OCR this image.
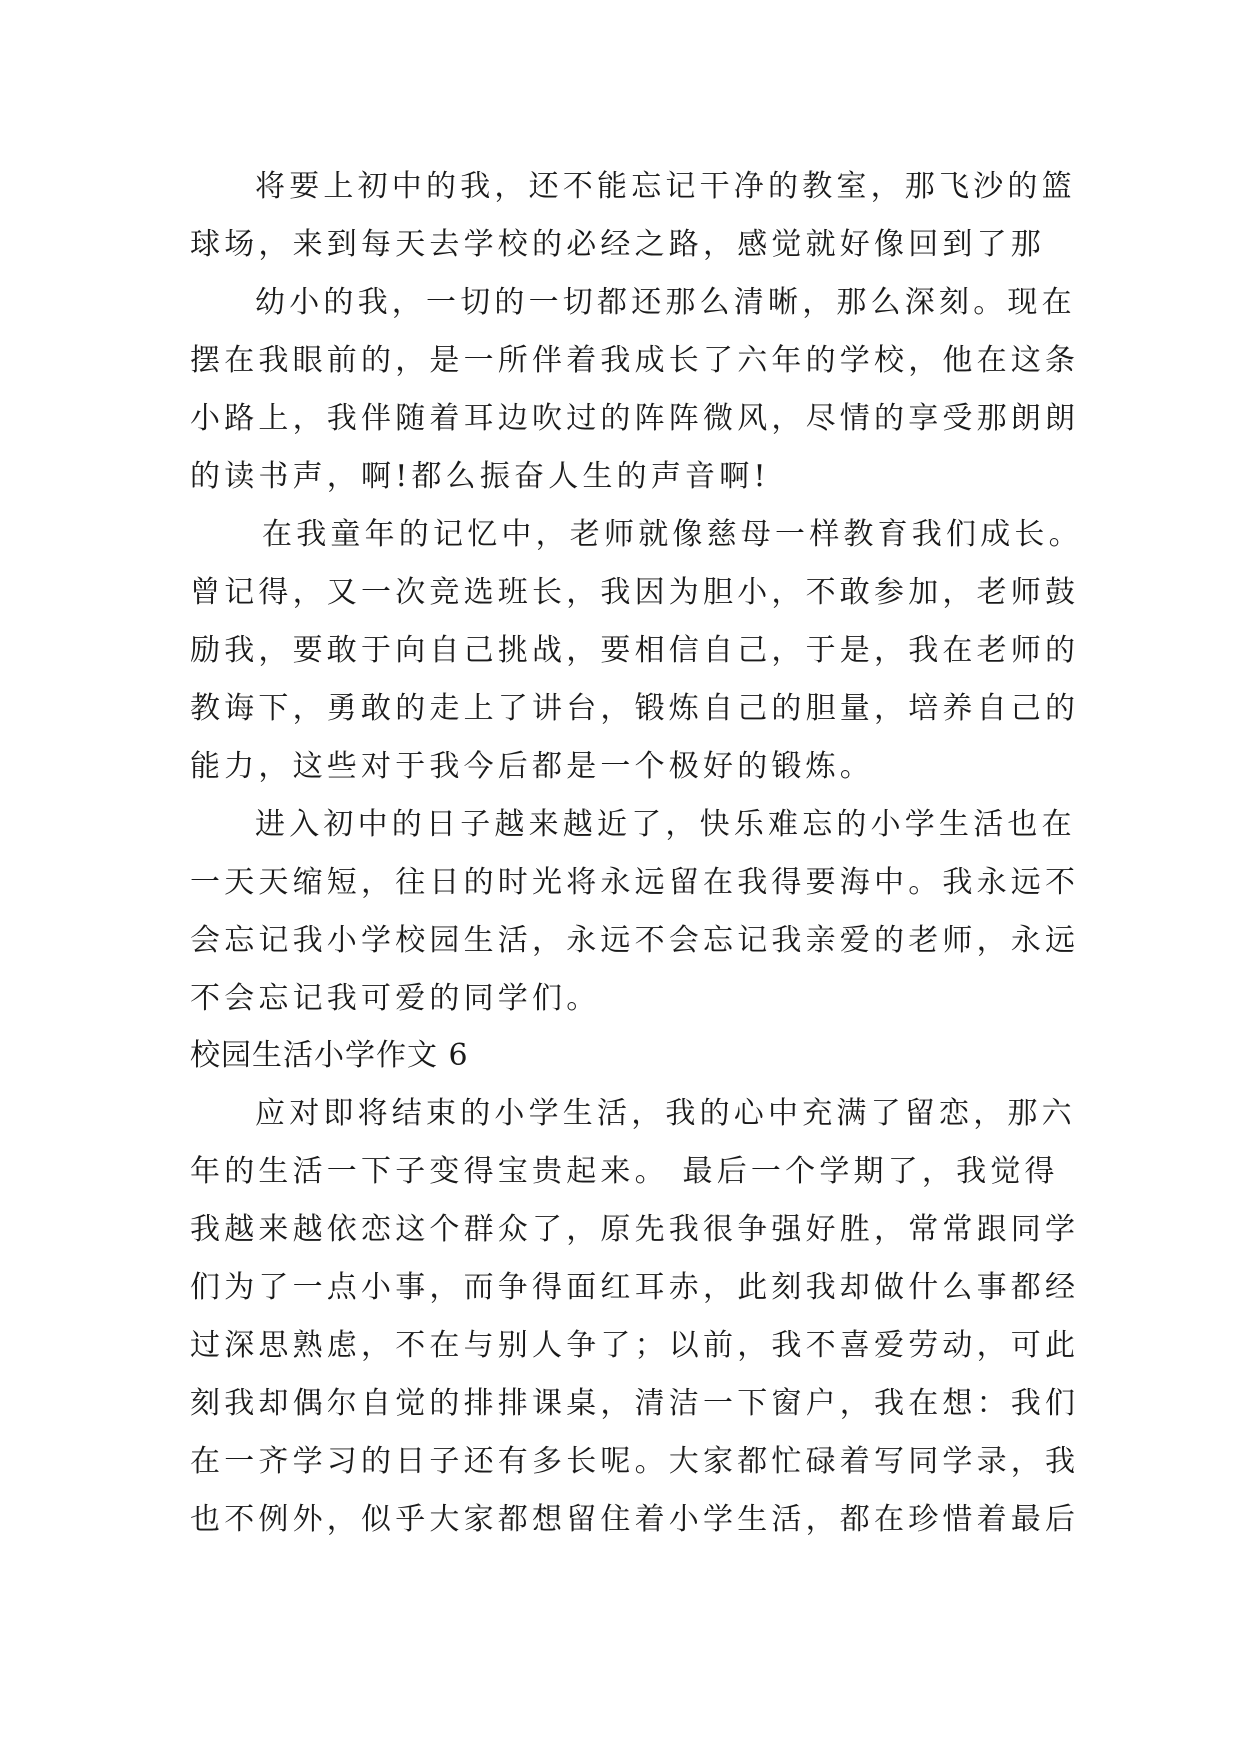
将要上初中的我，还不能忘记干净的教室，那飞沙的篮
球场，来到每天去学校的必经之路，感觉就好像回到了那
幼小的我，一切的一切都还那么清晰，那么深刻。现在
摆在我眼前的，是一所伴着我成长了六年的学校，他在这条
小路上，我伴随着耳边吹过的阵阵微风，尽情的享受那朗朗
的读书声，啊!都么振奋人生的声音啊!
在我童年的记忆中，老师就像慈母一样教育我们成长。
曾记得，又一次竞选班长，我因为胆小，不敢参加，老师鼓
励我，要敢于向自己挑战，要相信自己，于是，我在老师的
教诲下，勇敢的走上了讲台，锻炼自己的胆量，培养自己的
能力，这些对于我今后都是一个极好的锻炼。
进入初中的日子越来越近了，快乐难忘的小学生活也在
一天天缩短，往日的时光将永远留在我得要海中。我永远不
会忘记我小学校园生活，永远不会忘记我亲爱的老师，永远
不会忘记我可爱的同学们。
校园生活小学作文 6
应对即将结束的小学生活，我的心中充满了留恋，那六
年的生活一下子变得宝贵起来。 最后一个学期了，我觉得
我越来越依恋这个群众了，原先我很争强好胜，常常跟同学
们为了一点小事，而争得面红耳赤，此刻我却做什么事都经
过深思熟虑，不在与别人争了；以前，我不喜爱劳动，可此
刻我却偶尔自觉的排排课桌，清洁一下窗户，我在想：我们
在一齐学习的日子还有多长呢。大家都忙碌着写同学录，我
也不例外，似乎大家都想留住着小学生活，都在珍惜着最后
